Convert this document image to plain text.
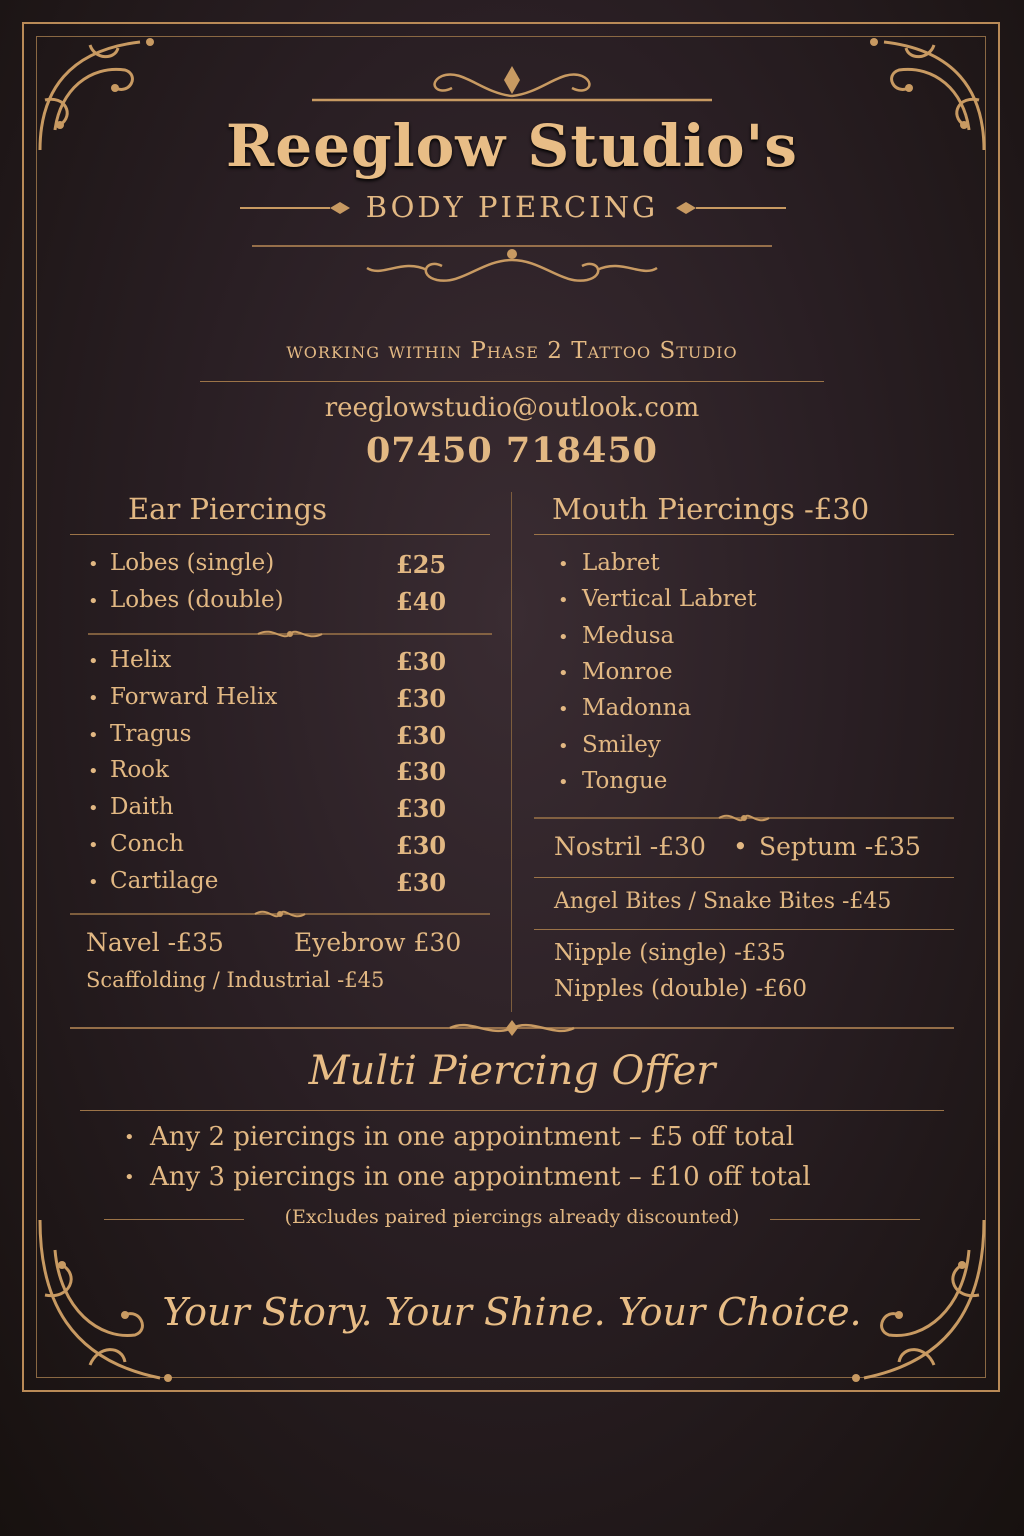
Reeglow Studio's
BODY PIERCING
working within Phase 2 Tattoo Studio
reeglowstudio@outlook.com
07450 718450
Ear Piercings
• Lobes (single)	£25
• Lobes (double)	£40
• Helix	£30
• Forward Helix	£30
• Tragus	£30
• Rook	£30
• Daith	£30
• Conch	£30
• Cartilage	£30
Navel -£35	Eyebrow £30
Scaffolding / Industrial -£45
Mouth Piercings -£30
• Labret
• Vertical Labret
• Medusa
• Monroe
• Madonna
• Smiley
• Tongue
Nostril -£30 • Septum -£35
Angel Bites / Snake Bites -£45
Nipple (single) -£35
Nipples (double) -£60
Multi Piercing Offer
• Any 2 piercings in one appointment – £5 off total
• Any 3 piercings in one appointment – £10 off total
(Excludes paired piercings already discounted)
Your Story. Your Shine. Your Choice.
